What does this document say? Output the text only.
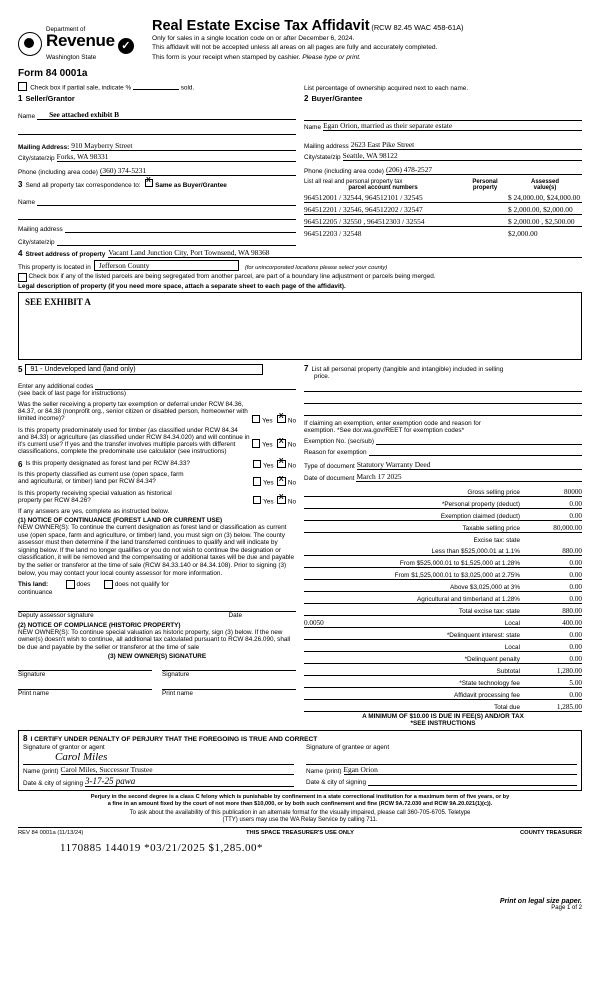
Department of
Revenue ✓
Washington State
Form 84 0001a
Real Estate Excise Tax Affidavit (RCW 82.45 WAC 458-61A)

Only for sales in a single location code on or after December 6, 2024.

This affidavit will not be accepted unless all areas on all pages are fully and accurately completed.

This form is your receipt when stamped by cashier. Please type or print.

Check box if partial sale, indicate %	sold.	List percentage of ownership acquired next to each name.
1 Seller/Grantor
Name	See attached exhibit B
Mailing Address: 910 Mayberry Street
City/state/zip Forks, WA 98331
Phone (including area code) (360) 374-5231
2 Buyer/Grantee
Name Egan Orion, married as their separate estate
Mailing address 2623 East Pike Street
City/state/zip Seattle, WA 98122
Phone (including area code) (206) 478-2527
3 Send all property tax correspondence to: X Same as Buyer/Grantee
Name
Mailing address
City/state/zip
List all real and personal property tax
parcel account numbers
Personal
property
Assessed
value(s)
964512001 / 32544, 964512101 / 32545	$ 24,000.00, $24,000.00
964512201 / 32546, 964512202 / 32547	$ 2,000.00, $2,000.00
964512205 / 32550 , 964512303 / 32554	$ 2,000.00 , $2,500.00
964512203 / 32548	$2,000.00
4 Street address of property Vacant Land Junction City, Port Townsend, WA 98368
This property is located in	Jefferson County	(for unincorporated locations please select your county)
Check box if any of the listed parcels are being segregated from another parcel, are part of a boundary line adjustment or parcels being merged.
Legal description of property (if you need more space, attach a separate sheet to each page of the affidavit).
SEE EXHIBIT A
5	91 - Undeveloped land (land only)
Enter any additional codes
(see back of last page for instructions)
Was the seller receiving a property tax exemption or deferral under RCW 84.36, 84.37, or 84.38 (nonprofit org., senior citizen or disabled person, homeowner with limited income)?	Yes X No
Is this property predominately used for timber (as classified under RCW 84.34 and 84.33) or agriculture (as classified under RCW 84.34.020) and will continue in it's current use? If yes and the transfer involves multiple parcels with different classifications, complete the predominate use calculator (see instructions)
Yes X No
7 List all personal property (tangible and intangible) included in selling
price.
If claiming an exemption, enter exemption code and reason for
exemption. *See dor.wa.gov/REET for exemption codes*
Exemption No. (sec/sub)
Reason for exemption
6 Is this property designated as forest land per RCW 84.33?	Yes X No
Is this property classified as current use (open space, farm
and agricultural, or timber) land per RCW 84.34?	Yes X No
Is this property receiving special valuation as historical
property per RCW 84.26?	Yes X No
If any answers are yes, complete as instructed below.
(1) NOTICE OF CONTINUANCE (FOREST LAND OR CURRENT USE)
NEW OWNER(S): To continue the current designation as forest land or classification as current use (open space, farm and agriculture, or timber) land, you must sign on (3) below. The county assessor must then determine if the land transferred continues to qualify and will indicate by signing below. If the land no longer qualifies or you do not wish to continue the designation or classification, it will be removed and the compensating or additional taxes will be due and payable by the seller or transferor at the time of sale (RCW 84.33.140 or 84.34.108). Prior to signing (3) below, you may contact your local county assessor for more information.
This land:	does	does not qualify for
continuance
Deputy assessor signature	Date
(2) NOTICE OF COMPLIANCE (HISTORIC PROPERTY)
NEW OWNER(S): To continue special valuation as historic property, sign (3) below. If the new owner(s) doesn't wish to continue, all additional tax calculated pursuant to RCW 84.26.090, shall be due and payable by the seller or transferor at the time of sale
(3) NEW OWNER(S) SIGNATURE
Signature	Signature
Print name	Print name
Type of document Statutory Warranty Deed
Date of document March 17 2025
Gross selling price	80000
*Personal property (deduct)	0.00
Exemption claimed (deduct)	0.00
Taxable selling price	80,000.00
Excise tax: state
Less than $525,000.01 at 1.1%	880.00
From $525,000.01 to $1,525,000 at 1.28%	0.00
From $1,525,000.01 to $3,025,000 at 2.75%	0.00
Above $3,025,000 at 3%	0.00
Agricultural and timberland at 1.28%	0.00
Total excise tax: state	880.00
0.0050	Local	400.00
*Delinquent interest: state	0.00
Local	0.00
*Delinquent penalty	0.00
Subtotal	1,280.00
*State technology fee	5.00
Affidavit processing fee	0.00
Total due	1,285.00
A MINIMUM OF $10.00 IS DUE IN FEE(S) AND/OR TAX
*SEE INSTRUCTIONS
8 I CERTIFY UNDER PENALTY OF PERJURY THAT THE FOREGOING IS TRUE AND CORRECT
Signature of grantor or agent
Carol Miles
Name (print) Carol Miles, Successor Trustee
Date & city of signing 3-17-25 pawa
Signature of grantee or agent
Name (print) Egan Orion
Date & city of signing
Perjury in the second degree is a class C felony which is punishable by confinement in a state correctional institution for a maximum term of five years, or by
a fine in an amount fixed by the court of not more than $10,000, or by both such confinement and fine (RCW 9A.72.030 and RCW 9A.20.021(1)(c)).
To ask about the availability of this publication in an alternate format for the visually impaired, please call 360-705-6705. Teletype
(TTY) users may use the WA Relay Service by calling 711.
REV 84 0001a (11/13/24)	THIS SPACE TREASURER'S USE ONLY	COUNTY TREASURER
1170885 144019 *03/21/2025 $1,285.00*
Print on legal size paper.
Page 1 of 2
